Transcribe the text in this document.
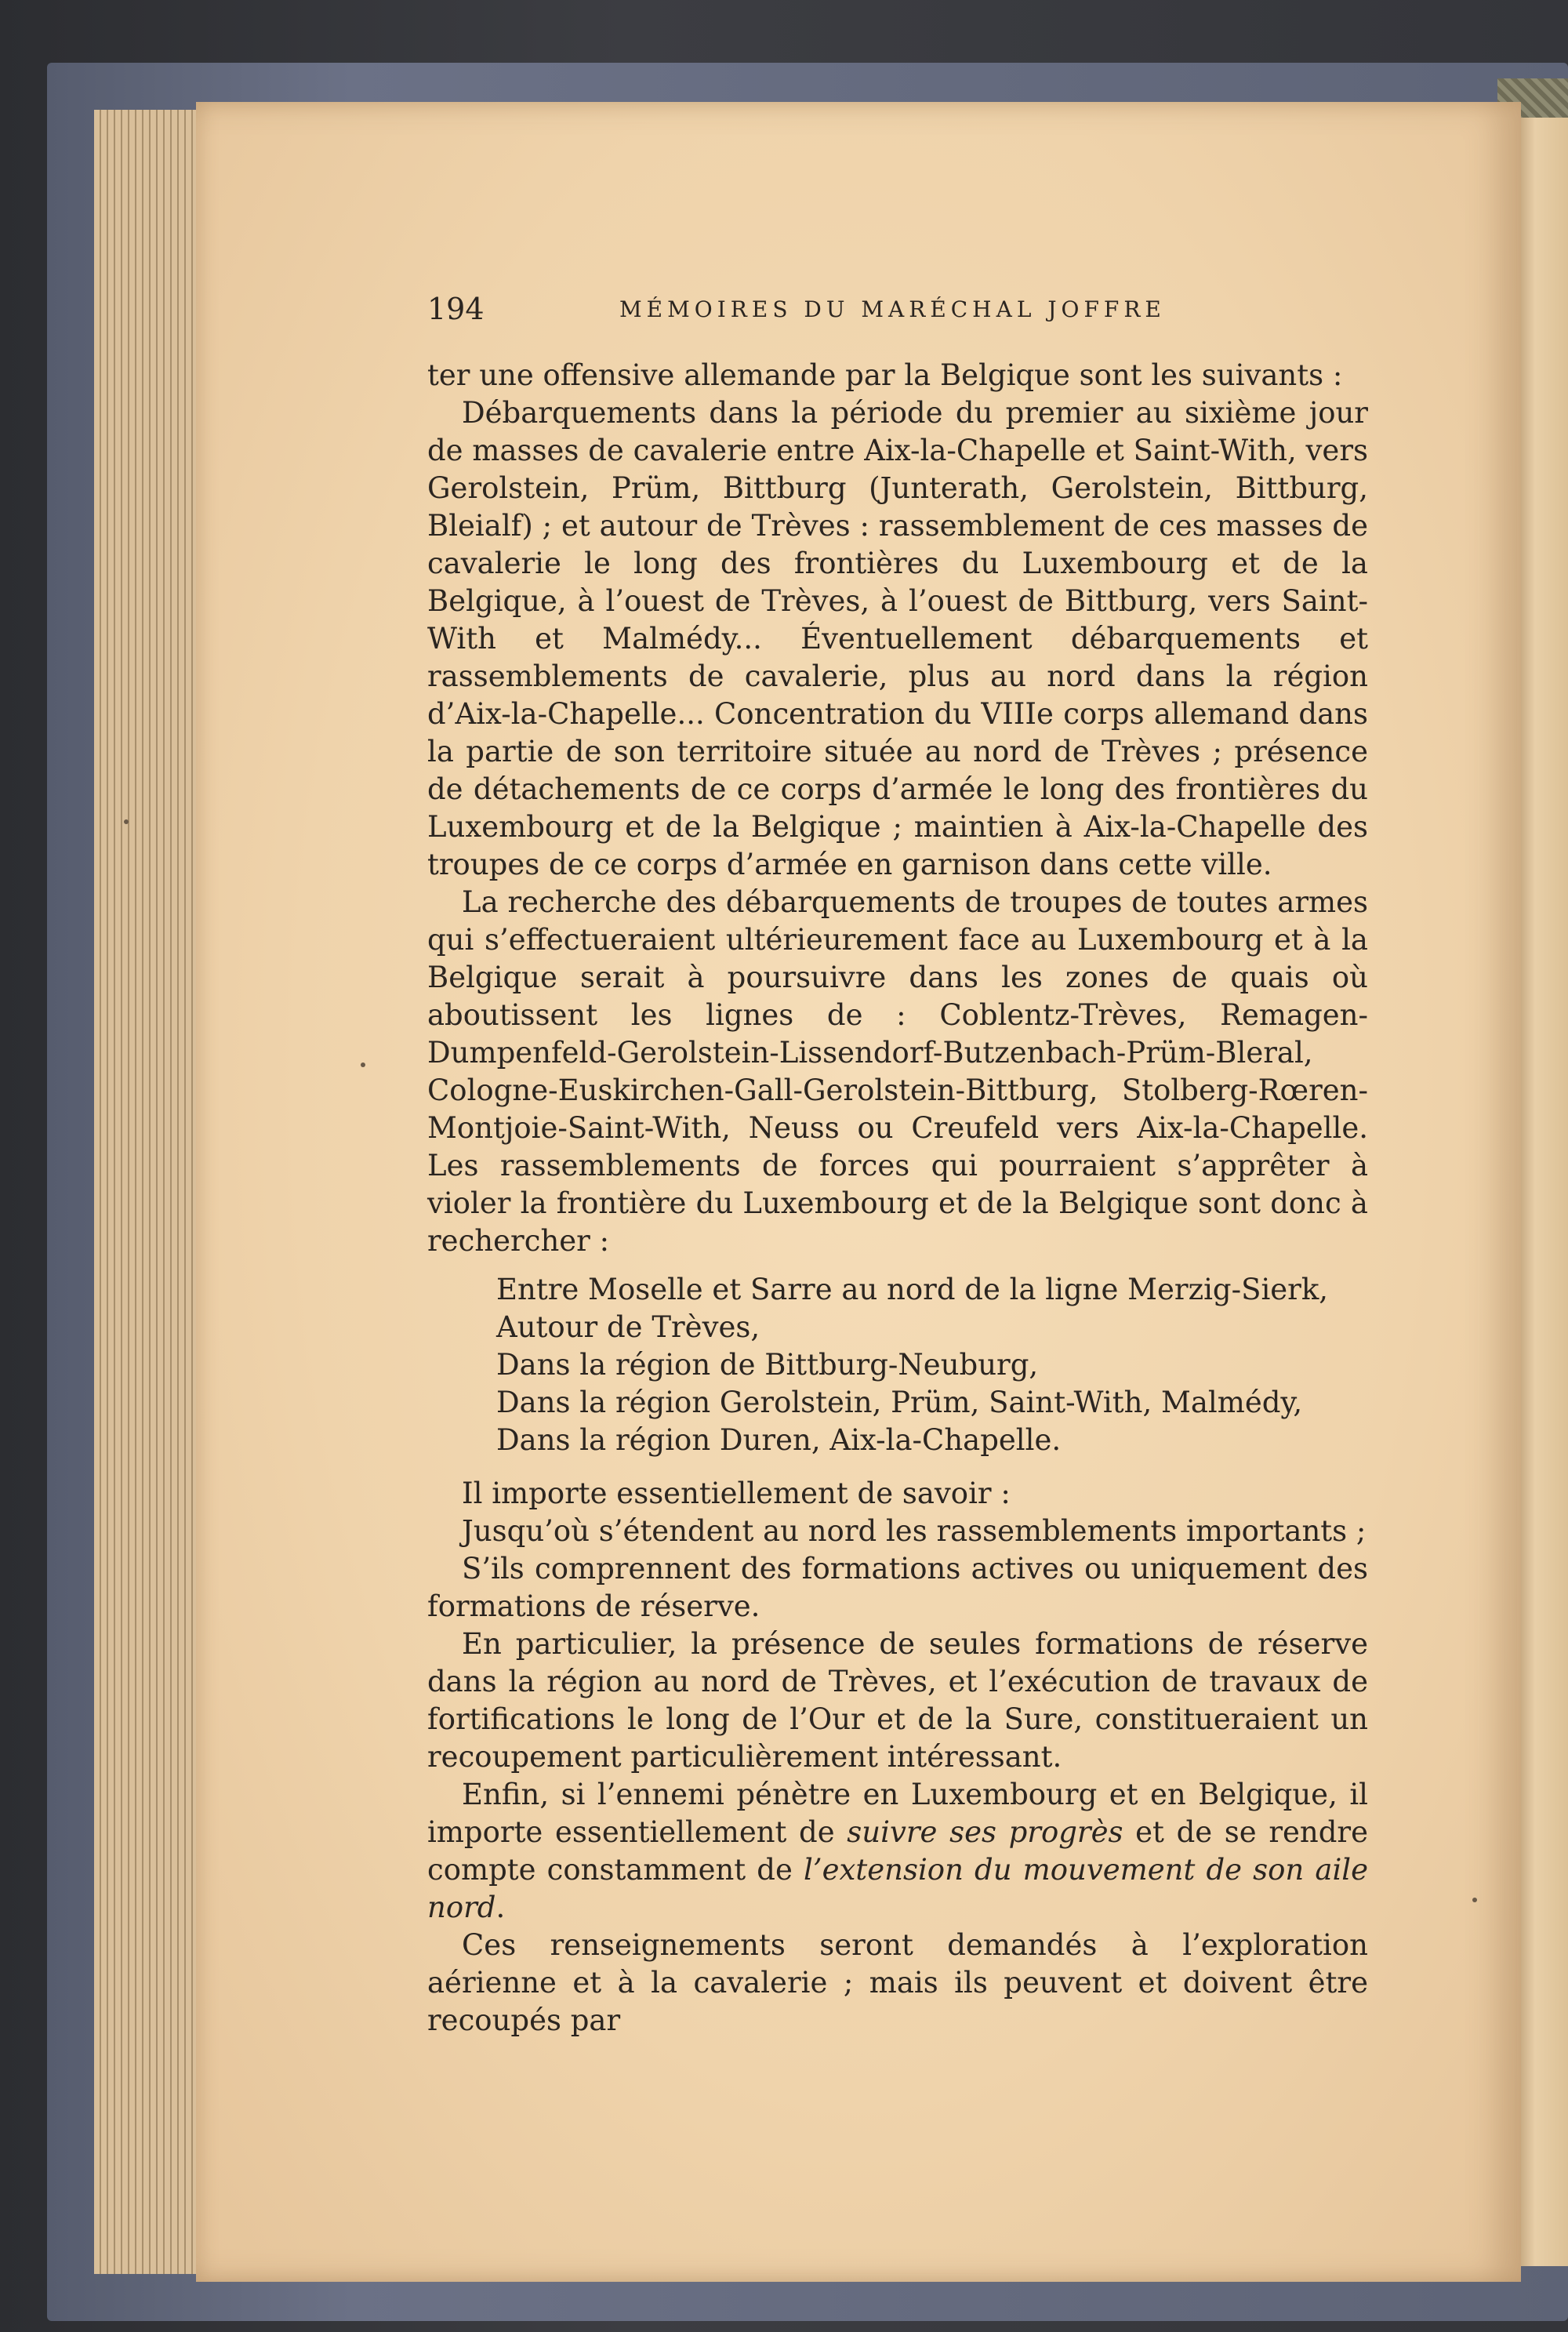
194	MÉMOIRES DU MARÉCHAL JOFFRE

ter une offensive allemande par la Belgique sont les suivants :

Débarquements dans la période du premier au sixième jour de masses de cavalerie entre Aix-la-Chapelle et Saint-With, vers Gerolstein, Prüm, Bittburg (Junterath, Gerolstein, Bittburg, Bleialf) ; et autour de Trèves : rassemblement de ces masses de cavalerie le long des frontières du Luxembourg et de la Belgique, à l’ouest de Trèves, à l’ouest de Bittburg, vers Saint-With et Malmédy... Éventuellement débarquements et rassemblements de cavalerie, plus au nord dans la région d’Aix-la-Chapelle... Concentration du VIIIe corps allemand dans la partie de son territoire située au nord de Trèves ; présence de détachements de ce corps d’armée le long des frontières du Luxembourg et de la Belgique ; maintien à Aix-la-Chapelle des troupes de ce corps d’armée en garnison dans cette ville.

La recherche des débarquements de troupes de toutes armes qui s’effectueraient ultérieurement face au Luxembourg et à la Belgique serait à poursuivre dans les zones de quais où aboutissent les lignes de : Coblentz-Trèves, Remagen-Dumpenfeld-Gerolstein-Lissendorf-Butzenbach-Prüm-Bleral, Cologne-Euskirchen-Gall-Gerolstein-Bittburg, Stolberg-Rœren-Montjoie-Saint-With, Neuss ou Creufeld vers Aix-la-Chapelle. Les rassemblements de forces qui pourraient s’apprêter à violer la frontière du Luxembourg et de la Belgique sont donc à rechercher :

Entre Moselle et Sarre au nord de la ligne Merzig-Sierk,
Autour de Trèves,
Dans la région de Bittburg-Neuburg,
Dans la région Gerolstein, Prüm, Saint-With, Malmédy,
Dans la région Duren, Aix-la-Chapelle.

Il importe essentiellement de savoir :

Jusqu’où s’étendent au nord les rassemblements importants ;

S’ils comprennent des formations actives ou uniquement des formations de réserve.

En particulier, la présence de seules formations de réserve dans la région au nord de Trèves, et l’exécution de travaux de fortifications le long de l’Our et de la Sure, constitueraient un recoupement particulièrement intéressant.

Enfin, si l’ennemi pénètre en Luxembourg et en Belgique, il importe essentiellement de suivre ses progrès et de se rendre compte constamment de l’extension du mouvement de son aile nord.

Ces renseignements seront demandés à l’exploration aérienne et à la cavalerie ; mais ils peuvent et doivent être recoupés par
